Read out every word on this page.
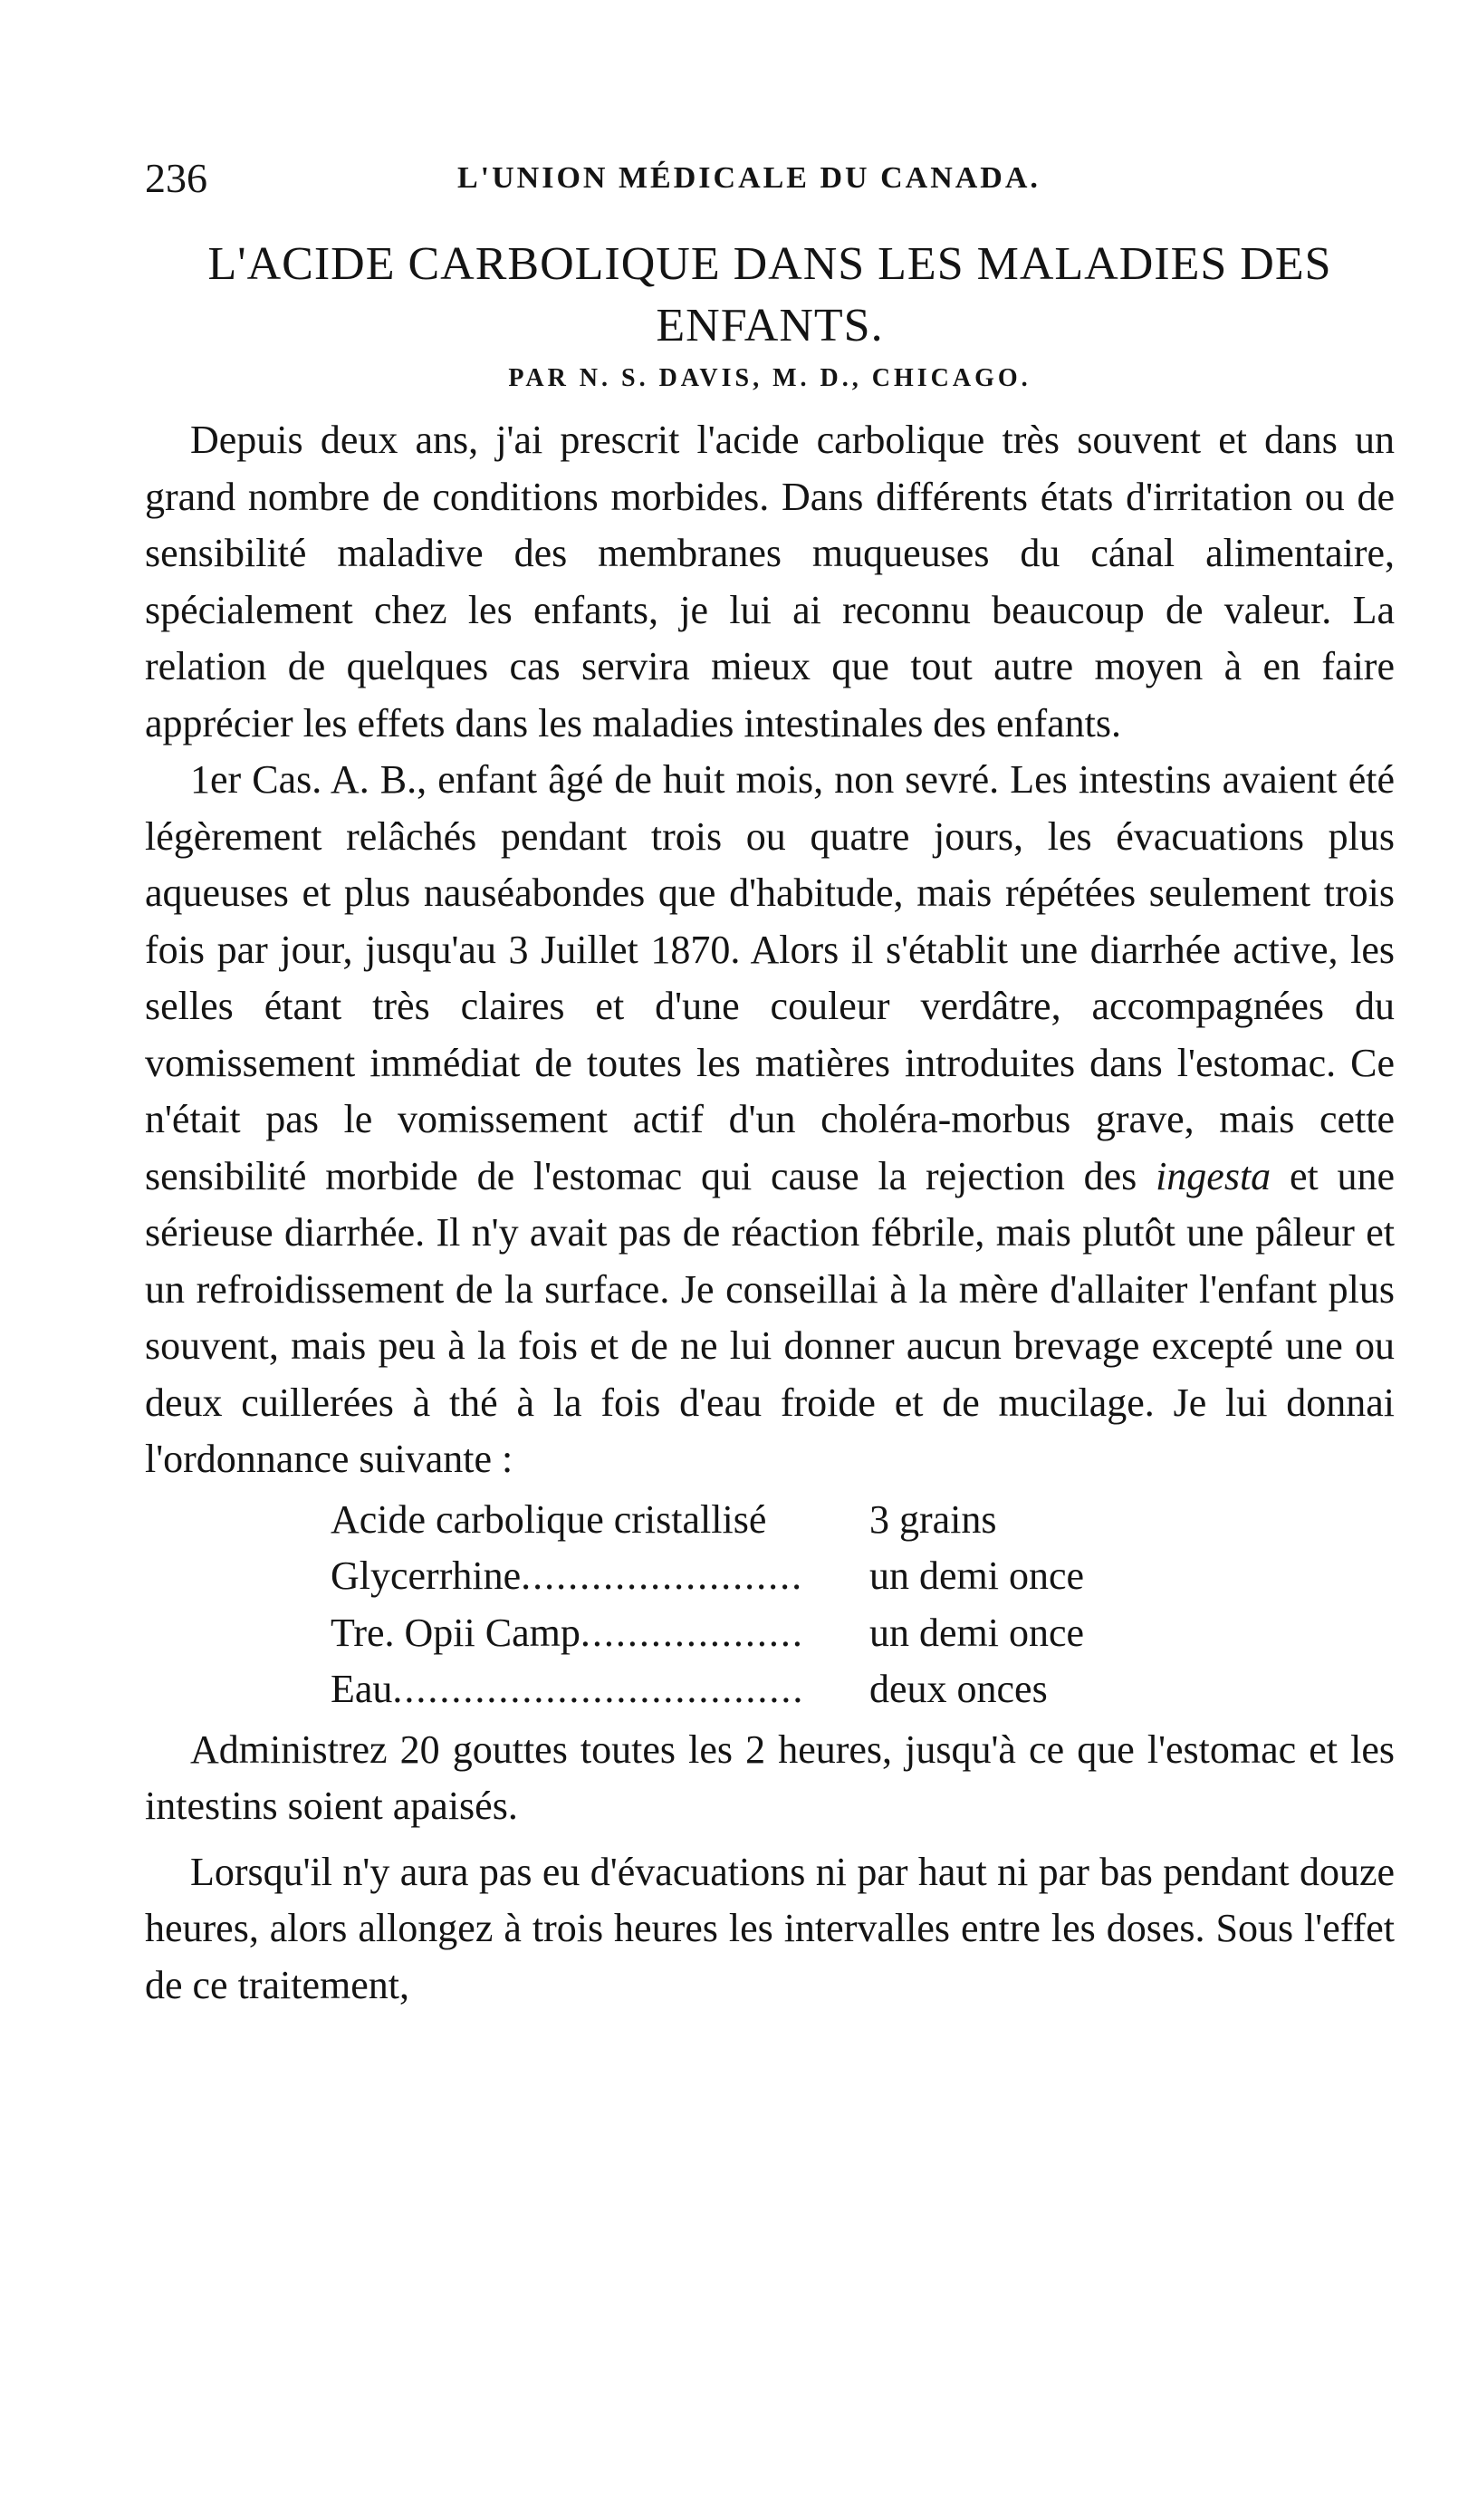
236	L'UNION MÉDICALE DU CANADA.
L'ACIDE CARBOLIQUE DANS LES MALADIES DES ENFANTS.
PAR N. S. DAVIS, M. D., CHICAGO.

Depuis deux ans, j'ai prescrit l'acide carbolique très souvent et dans un grand nombre de conditions morbides. Dans différents états d'irritation ou de sensibilité maladive des membranes muqueuses du cánal alimentaire, spécialement chez les enfants, je lui ai reconnu beaucoup de valeur. La relation de quelques cas servira mieux que tout autre moyen à en faire apprécier les effets dans les maladies intestinales des enfants.

1er Cas. A. B., enfant âgé de huit mois, non sevré. Les intestins avaient été légèrement relâchés pendant trois ou quatre jours, les évacuations plus aqueuses et plus nauséabondes que d'habitude, mais répétées seulement trois fois par jour, jusqu'au 3 Juillet 1870. Alors il s'établit une diarrhée active, les selles étant très claires et d'une couleur verdâtre, accompagnées du vomissement immédiat de toutes les matières introduites dans l'estomac. Ce n'était pas le vomissement actif d'un choléra-morbus grave, mais cette sensibilité morbide de l'estomac qui cause la rejection des ingesta et une sérieuse diarrhée. Il n'y avait pas de réaction fébrile, mais plutôt une pâleur et un refroidissement de la surface. Je conseillai à la mère d'allaiter l'enfant plus souvent, mais peu à la fois et de ne lui donner aucun brevage excepté une ou deux cuillerées à thé à la fois d'eau froide et de mucilage. Je lui donnai l'ordonnance suivante :

Acide carbolique cristallisé	3 grains
Glycerrhine........................	un demi once
Tre. Opii Camp...................	un demi once
Eau...................................	deux onces

Administrez 20 gouttes toutes les 2 heures, jusqu'à ce que l'estomac et les intestins soient apaisés.

Lorsqu'il n'y aura pas eu d'évacuations ni par haut ni par bas pendant douze heures, alors allongez à trois heures les intervalles entre les doses. Sous l'effet de ce traitement,
